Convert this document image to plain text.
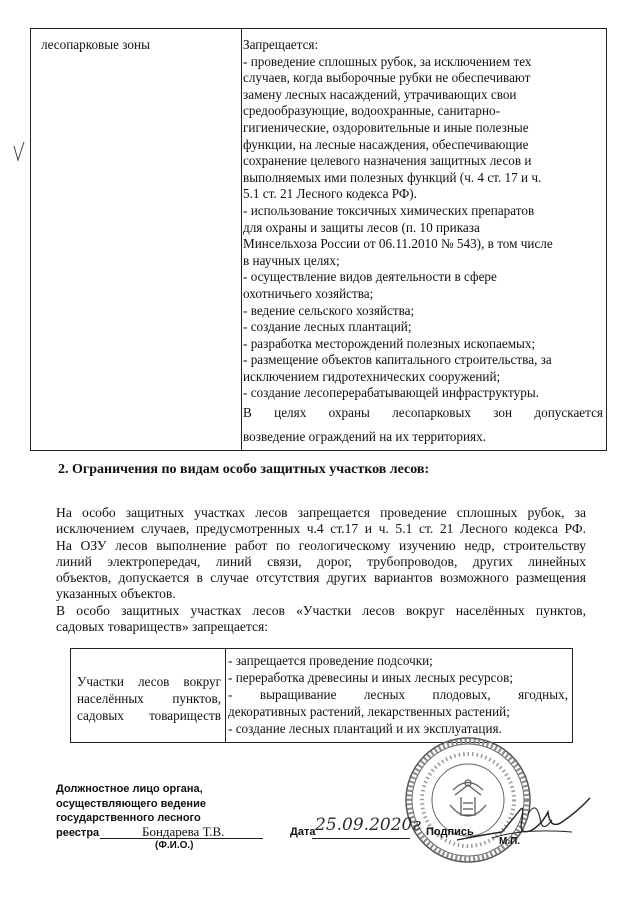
лесопарковые зоны	Запрещается:
- проведение сплошных рубок, за исключением тех
случаев, когда выборочные рубки не обеспечивают
замену лесных насаждений, утрачивающих свои
средообразующие, водоохранные, санитарно-
гигиенические, оздоровительные и иные полезные
функции, на лесные насаждения, обеспечивающие
сохранение целевого назначения защитных лесов и
выполняемых ими полезных функций (ч. 4 ст. 17 и ч.
5.1 ст. 21 Лесного кодекса РФ).
- использование токсичных химических препаратов
для охраны и защиты лесов (п. 10 приказа
Минсельхоза России от 06.11.2010 № 543), в том числе
в научных целях;
- осуществление видов деятельности в сфере
охотничьего хозяйства;
- ведение сельского хозяйства;
- создание лесных плантаций;
- разработка месторождений полезных ископаемых;
- размещение объектов капитального строительства, за
исключением гидротехнических сооружений;
- создание лесоперерабатывающей инфраструктуры.
В целях охраны лесопарковых зон допускается
возведение ограждений на их территориях.
2. Ограничения по видам особо защитных участков лесов:
На особо защитных участках лесов запрещается проведение сплошных рубок, за
исключением случаев, предусмотренных ч.4 ст.17 и ч. 5.1 ст. 21 Лесного кодекса РФ.
На ОЗУ лесов выполнение работ по геологическому изучению недр, строительству
линий электропередач, линий связи, дорог, трубопроводов, других линейных
объектов, допускается в случае отсутствия других вариантов возможного размещения
указанных объектов.
В особо защитных участках лесов «Участки лесов вокруг населённых пунктов,
садовых товариществ» запрещается:
Участки лесов вокруг
населённых пунктов,
садовых товариществ
- запрещается проведение подсочки;
- переработка древесины и иных лесных ресурсов;
- выращивание лесных плодовых, ягодных,
декоративных растений, лекарственных растений;
- создание лесных плантаций и их эксплуатация.
Должностное лицо органа,
осуществляющего ведение
государственного лесного
реестра	Бондарева Т.В.
(Ф.И.О.)
Дата 25.09.2020г Подпись
М.П.
